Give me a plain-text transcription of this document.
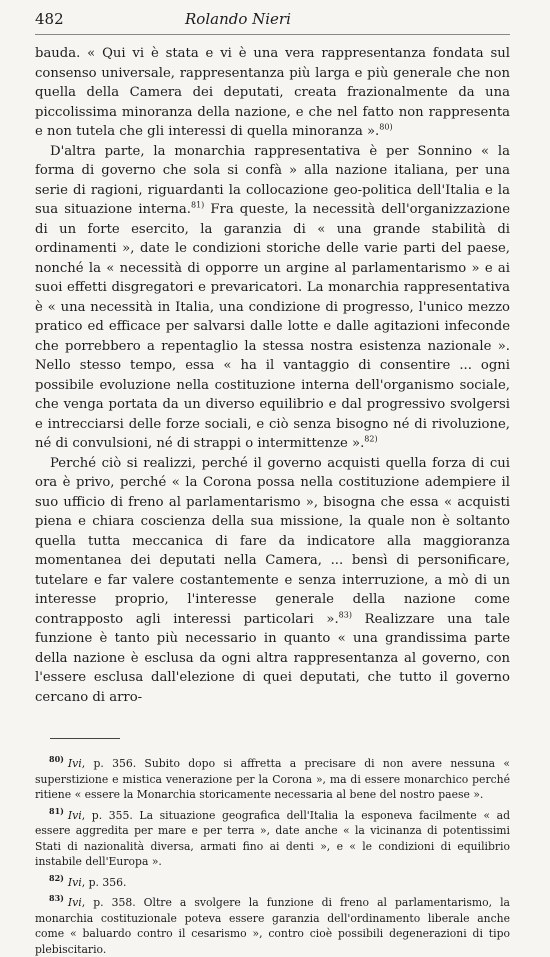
482	Rolando Nieri

bauda. « Qui vi è stata e vi è una vera rappresentanza fondata sul consenso universale, rappresentanza più larga e più generale che non quella della Camera dei deputati, creata frazionalmente da una piccolissima minoranza della nazione, e che nel fatto non rappresenta e non tutela che gli interessi di quella minoranza ».$^{80)}$

D'altra parte, la monarchia rappresentativa è per Sonnino « la forma di governo che sola si confà » alla nazione italiana, per una serie di ragioni, riguardanti la collocazione geo-politica dell'Italia e la sua situazione interna.$^{81)}$ Fra queste, la necessità dell'organizzazione di un forte esercito, la garanzia di « una grande stabilità di ordinamenti », date le condizioni storiche delle varie parti del paese, nonché la « necessità di opporre un argine al parlamentarismo » e ai suoi effetti disgregatori e prevaricatori. La monarchia rappresentativa è « una necessità in Italia, una condizione di progresso, l'unico mezzo pratico ed efficace per salvarsi dalle lotte e dalle agitazioni infeconde che porrebbero a repentaglio la stessa nostra esistenza nazionale ». Nello stesso tempo, essa « ha il vantaggio di consentire ... ogni possibile evoluzione nella costituzione interna dell'organismo sociale, che venga portata da un diverso equilibrio e dal progressivo svolgersi e intrecciarsi delle forze sociali, e ciò senza bisogno né di rivoluzione, né di convulsioni, né di strappi o intermittenze ».$^{82)}$

Perché ciò si realizzi, perché il governo acquisti quella forza di cui ora è privo, perché « la Corona possa nella costituzione adempiere il suo ufficio di freno al parlamentarismo », bisogna che essa « acquisti piena e chiara coscienza della sua missione, la quale non è soltanto quella tutta meccanica di fare da indicatore alla maggioranza momentanea dei deputati nella Camera, ... bensì di personificare, tutelare e far valere costantemente e senza interruzione, a mò di un interesse proprio, l'interesse generale della nazione come contrapposto agli interessi particolari ».$^{83)}$ Realizzare una tale funzione è tanto più necessario in quanto « una grandissima parte della nazione è esclusa da ogni altra rappresentanza al governo, con l'essere esclusa dall'elezione di quei deputati, che tutto il governo cercano di arro-

$^{80)}$ Ivi, p. 356. Subito dopo si affretta a precisare di non avere nessuna « superstizione e mistica venerazione per la Corona », ma di essere monarchico perché ritiene « essere la Monarchia storicamente necessaria al bene del nostro paese ».

$^{81)}$ Ivi, p. 355. La situazione geografica dell'Italia la esponeva facilmente « ad essere aggredita per mare e per terra », date anche « la vicinanza di potentissimi Stati di nazionalità diversa, armati fino ai denti », e « le condizioni di equilibrio instabile dell'Europa ».

$^{82)}$ Ivi, p. 356.

$^{83)}$ Ivi, p. 358. Oltre a svolgere la funzione di freno al parlamentarismo, la monarchia costituzionale poteva essere garanzia dell'ordinamento liberale anche come « baluardo contro il cesarismo », contro cioè possibili degenerazioni di tipo plebiscitario.
